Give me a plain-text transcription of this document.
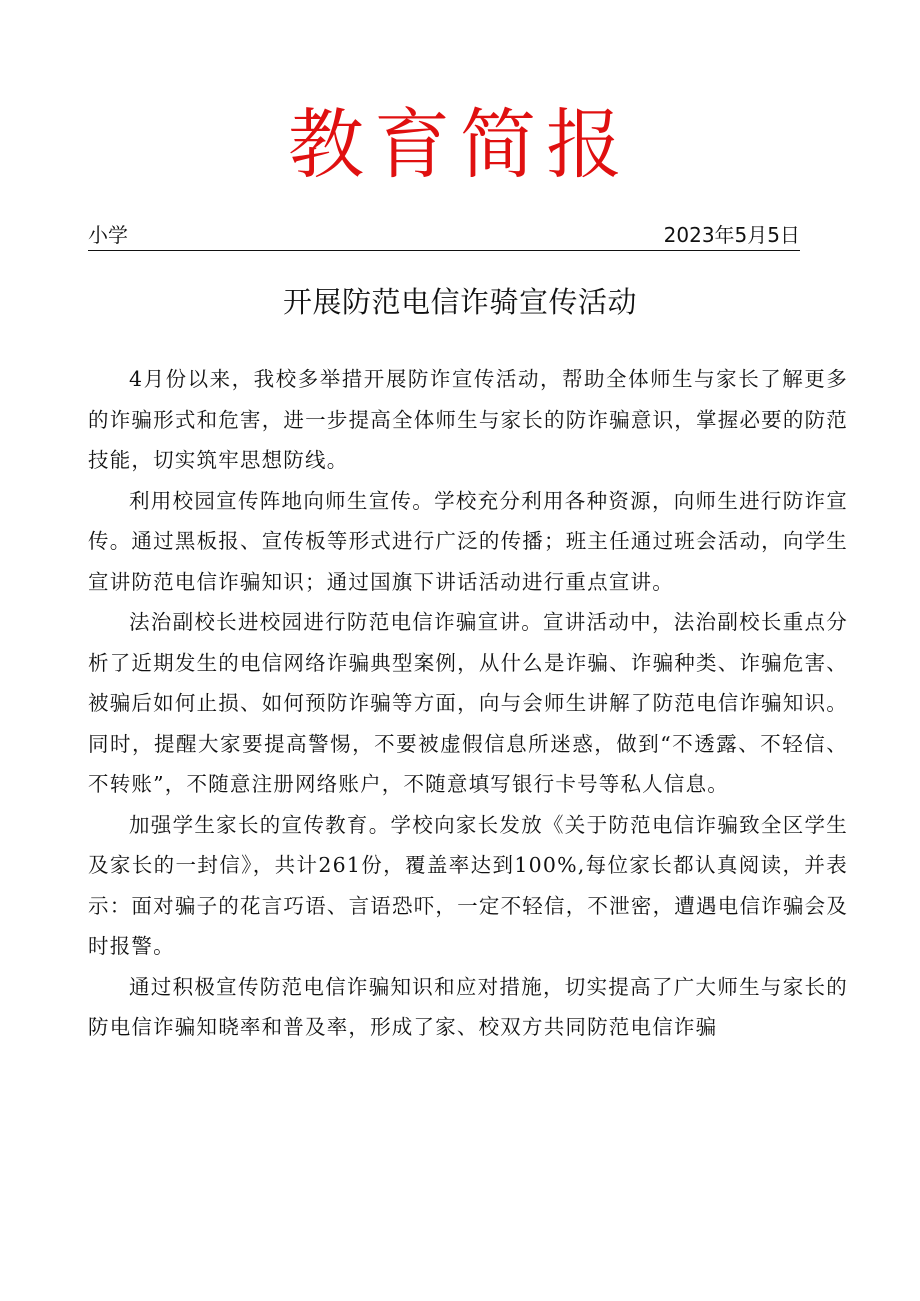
教育简报
小学	2023年5月5日
开展防范电信诈骑宣传活动

4月份以来，我校多举措开展防诈宣传活动，帮助全体师生与家长了解更多的诈骗形式和危害，进一步提高全体师生与家长的防诈骗意识，掌握必要的防范技能，切实筑牢思想防线。

利用校园宣传阵地向师生宣传。学校充分利用各种资源，向师生进行防诈宣传。通过黑板报、宣传板等形式进行广泛的传播；班主任通过班会活动，向学生宣讲防范电信诈骗知识；通过国旗下讲话活动进行重点宣讲。

法治副校长进校园进行防范电信诈骗宣讲。宣讲活动中，法治副校长重点分析了近期发生的电信网络诈骗典型案例，从什么是诈骗、诈骗种类、诈骗危害、被骗后如何止损、如何预防诈骗等方面，向与会师生讲解了防范电信诈骗知识。同时，提醒大家要提高警惕，不要被虚假信息所迷惑，做到“不透露、不轻信、不转账”，不随意注册网络账户，不随意填写银行卡号等私人信息。

加强学生家长的宣传教育。学校向家长发放《关于防范电信诈骗致全区学生及家长的一封信》，共计261份，覆盖率达到100%,每位家长都认真阅读，并表示：面对骗子的花言巧语、言语恐吓，一定不轻信，不泄密，遭遇电信诈骗会及时报警。

通过积极宣传防范电信诈骗知识和应对措施，切实提高了广大师生与家长的防电信诈骗知晓率和普及率，形成了家、校双方共同防范电信诈骗
